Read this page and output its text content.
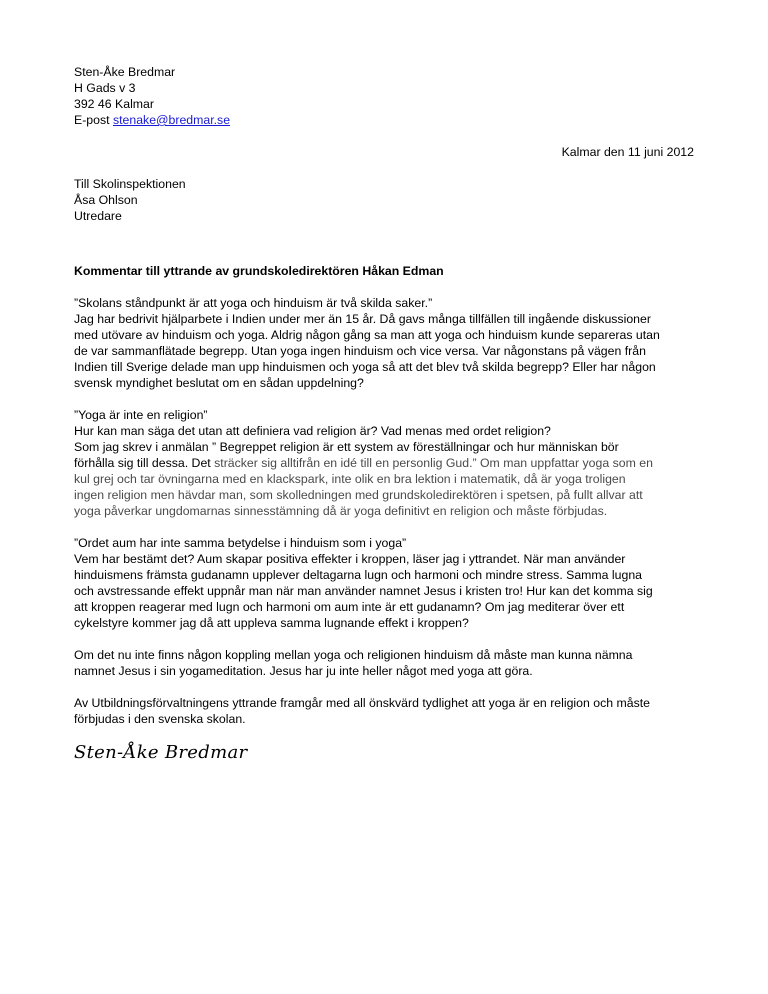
Sten-Åke Bredmar
H Gads v 3
392 46 Kalmar
E-post stenake@bredmar.se
Kalmar den 11 juni 2012
Till Skolinspektionen
Åsa Ohlson
Utredare
Kommentar till yttrande av grundskoledirektören Håkan Edman
”Skolans ståndpunkt är att yoga och hinduism är två skilda saker.”
Jag har bedrivit hjälparbete i Indien under mer än 15 år. Då gavs många tillfällen till ingående diskussioner
med utövare av hinduism och yoga. Aldrig någon gång sa man att yoga och hinduism kunde separeras utan
de var sammanflätade begrepp. Utan yoga ingen hinduism och vice versa. Var någonstans på vägen från
Indien till Sverige delade man upp hinduismen och yoga så att det blev två skilda begrepp? Eller har någon
svensk myndighet beslutat om en sådan uppdelning?
”Yoga är inte en religion”
Hur kan man säga det utan att definiera vad religion är? Vad menas med ordet religion?
Som jag skrev i anmälan ” Begreppet religion är ett system av föreställningar och hur människan bör
förhålla sig till dessa. Det sträcker sig alltifrån en idé till en personlig Gud.” Om man uppfattar yoga som en
kul grej och tar övningarna med en klackspark, inte olik en bra lektion i matematik, då är yoga troligen
ingen religion men hävdar man, som skolledningen med grundskoledirektören i spetsen, på fullt allvar att
yoga påverkar ungdomarnas sinnesstämning då är yoga definitivt en religion och måste förbjudas.
”Ordet aum har inte samma betydelse i hinduism som i yoga”
Vem har bestämt det? Aum skapar positiva effekter i kroppen, läser jag i yttrandet. När man använder
hinduismens främsta gudanamn upplever deltagarna lugn och harmoni och mindre stress. Samma lugna
och avstressande effekt uppnår man när man använder namnet Jesus i kristen tro! Hur kan det komma sig
att kroppen reagerar med lugn och harmoni om aum inte är ett gudanamn? Om jag mediterar över ett
cykelstyre kommer jag då att uppleva samma lugnande effekt i kroppen?
Om det nu inte finns någon koppling mellan yoga och religionen hinduism då måste man kunna nämna
namnet Jesus i sin yogameditation. Jesus har ju inte heller något med yoga att göra.
Av Utbildningsförvaltningens yttrande framgår med all önskvärd tydlighet att yoga är en religion och måste
förbjudas i den svenska skolan.
Sten-Åke Bredmar
